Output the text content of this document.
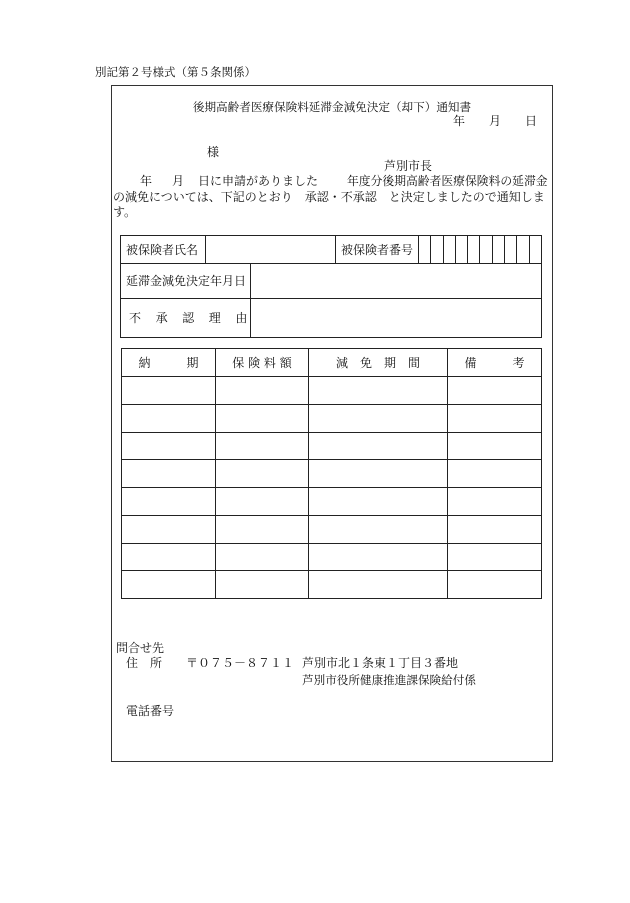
別記第２号様式（第５条関係）
後期高齢者医療保険料延滞金減免決定（却下）通知書
年　　月　　日
様
芦別市長
年 月 日に申請がありました 年度分後期高齢者医療保険料の延滞金
の減免については、下記のとおり　承認・不承認　と決定しましたので通知しま
す。
被保険者氏名			被保険者番号										
延滞金減免決定年月日													
不　承　認　理　由													
納　　　期	保 険 料 額	減　免　期　間	備　　　考

問合せ先
住　所 〒０７５－８７１１ 芦別市北１条東１丁目３番地
芦別市役所健康推進課保険給付係
電話番号
